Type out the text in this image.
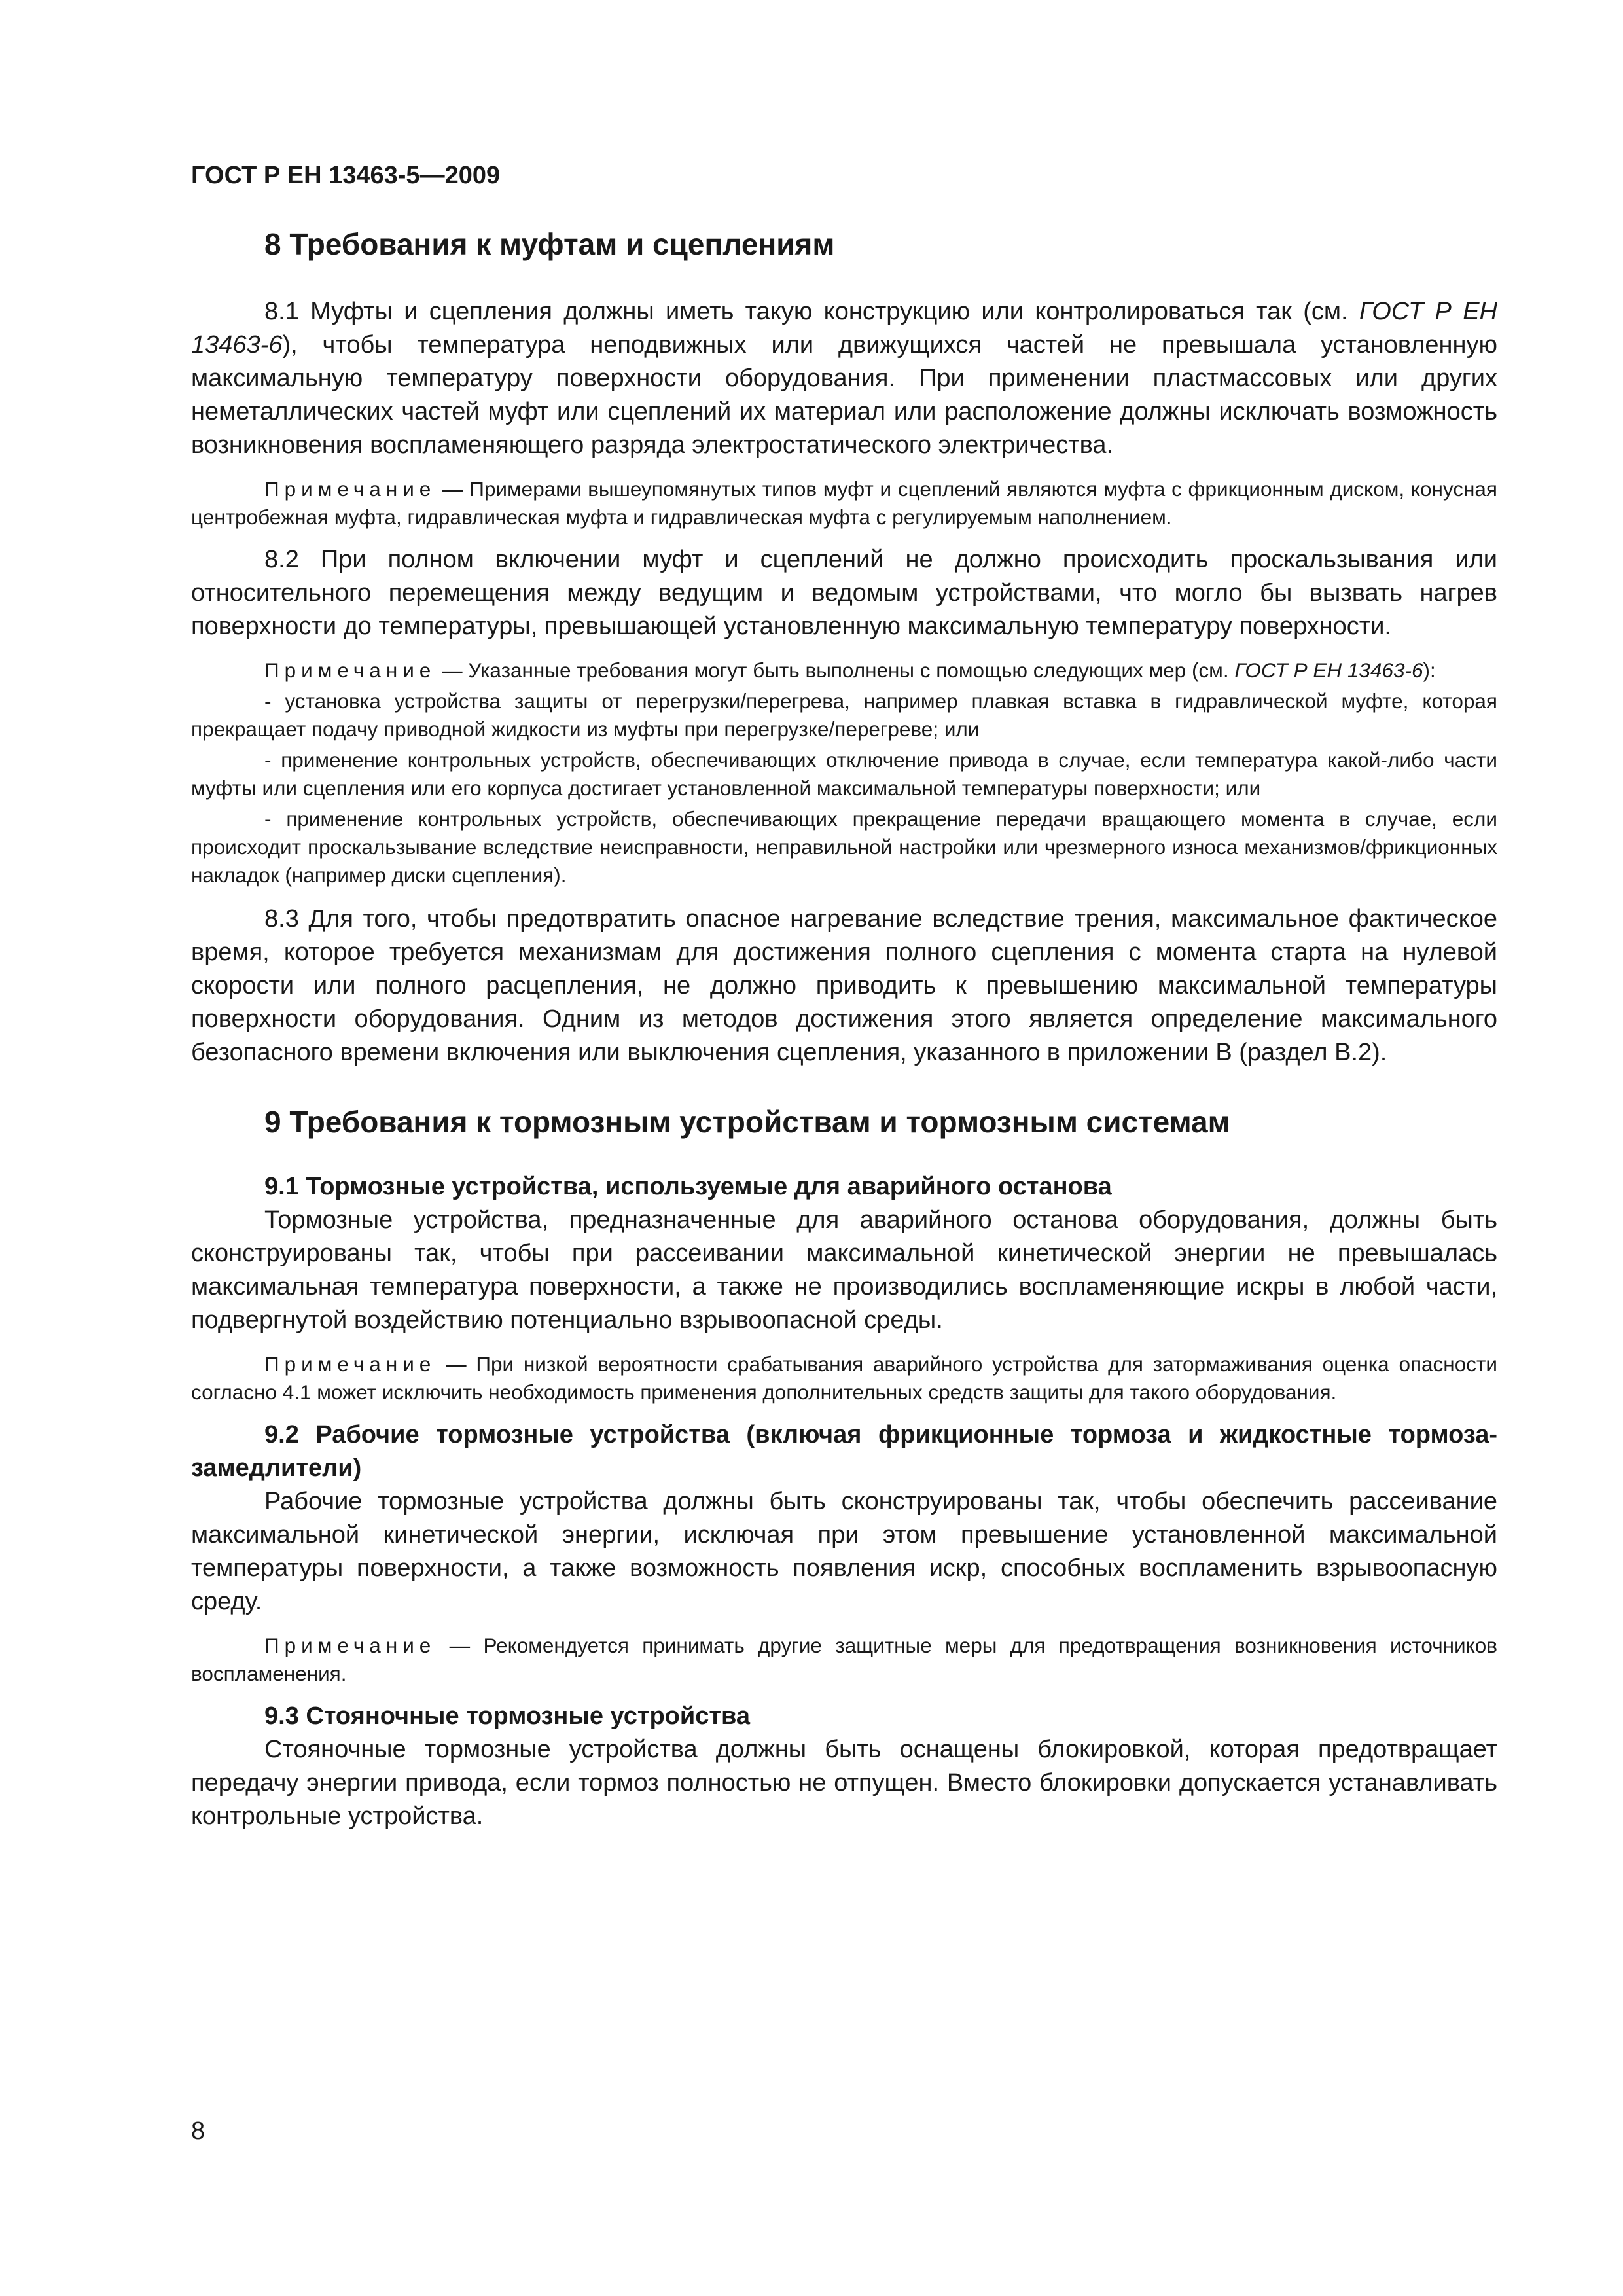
ГОСТ Р ЕН 13463-5—2009
8 Требования к муфтам и сцеплениям

8.1 Муфты и сцепления должны иметь такую конструкцию или контролироваться так (см. ГОСТ Р ЕН 13463-6), чтобы температура неподвижных или движущихся частей не превышала установленную максимальную температуру поверхности оборудования. При применении пластмассовых или других неметаллических частей муфт или сцеплений их материал или расположение должны исключать возможность возникновения воспламеняющего разряда электростатического электричества.

Примечание — Примерами вышеупомянутых типов муфт и сцеплений являются муфта с фрикционным диском, конусная центробежная муфта, гидравлическая муфта и гидравлическая муфта с регулируемым наполнением.

8.2 При полном включении муфт и сцеплений не должно происходить проскальзывания или относительного перемещения между ведущим и ведомым устройствами, что могло бы вызвать нагрев поверхности до температуры, превышающей установленную максимальную температуру поверхности.

Примечание — Указанные требования могут быть выполнены с помощью следующих мер (см. ГОСТ Р ЕН 13463-6):

- установка устройства защиты от перегрузки/перегрева, например плавкая вставка в гидравлической муфте, которая прекращает подачу приводной жидкости из муфты при перегрузке/перегреве; или

- применение контрольных устройств, обеспечивающих отключение привода в случае, если температура какой-либо части муфты или сцепления или его корпуса достигает установленной максимальной температуры поверхности; или

- применение контрольных устройств, обеспечивающих прекращение передачи вращающего момента в случае, если происходит проскальзывание вследствие неисправности, неправильной настройки или чрезмерного износа механизмов/фрикционных накладок (например диски сцепления).

8.3 Для того, чтобы предотвратить опасное нагревание вследствие трения, максимальное фактическое время, которое требуется механизмам для достижения полного сцепления с момента старта на нулевой скорости или полного расцепления, не должно приводить к превышению максимальной температуры поверхности оборудования. Одним из методов достижения этого является определение максимального безопасного времени включения или выключения сцепления, указанного в приложении В (раздел В.2).

9 Требования к тормозным устройствам и тормозным системам

9.1 Тормозные устройства, используемые для аварийного останова

Тормозные устройства, предназначенные для аварийного останова оборудования, должны быть сконструированы так, чтобы при рассеивании максимальной кинетической энергии не превышалась максимальная температура поверхности, а также не производились воспламеняющие искры в любой части, подвергнутой воздействию потенциально взрывоопасной среды.

Примечание — При низкой вероятности срабатывания аварийного устройства для затормаживания оценка опасности согласно 4.1 может исключить необходимость применения дополнительных средств защиты для такого оборудования.

9.2 Рабочие тормозные устройства (включая фрикционные тормоза и жидкостные тормоза-замедлители)

Рабочие тормозные устройства должны быть сконструированы так, чтобы обеспечить рассеивание максимальной кинетической энергии, исключая при этом превышение установленной максимальной температуры поверхности, а также возможность появления искр, способных воспламенить взрывоопасную среду.

Примечание — Рекомендуется принимать другие защитные меры для предотвращения возникновения источников воспламенения.

9.3 Стояночные тормозные устройства

Стояночные тормозные устройства должны быть оснащены блокировкой, которая предотвращает передачу энергии привода, если тормоз полностью не отпущен. Вместо блокировки допускается устанавливать контрольные устройства.

8
